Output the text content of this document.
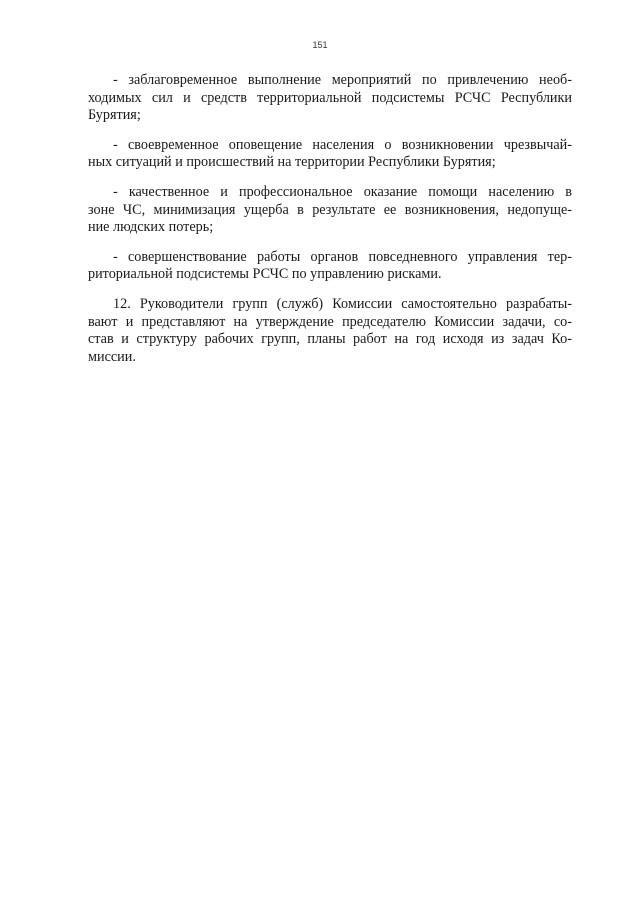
151

- заблаговременное выполнение мероприятий по привлечению необ-
ходимых сил и средств территориальной подсистемы РСЧС Республики
Бурятия;

- своевременное оповещение населения о возникновении чрезвычай-
ных ситуаций и происшествий на территории Республики Бурятия;

- качественное и профессиональное оказание помощи населению в
зоне ЧС, минимизация ущерба в результате ее возникновения, недопуще-
ние людских потерь;

- совершенствование работы органов повседневного управления тер-
риториальной подсистемы РСЧС по управлению рисками.

12. Руководители групп (служб) Комиссии самостоятельно разрабаты-
вают и представляют на утверждение председателю Комиссии задачи, со-
став и структуру рабочих групп, планы работ на год исходя из задач Ко-
миссии.
